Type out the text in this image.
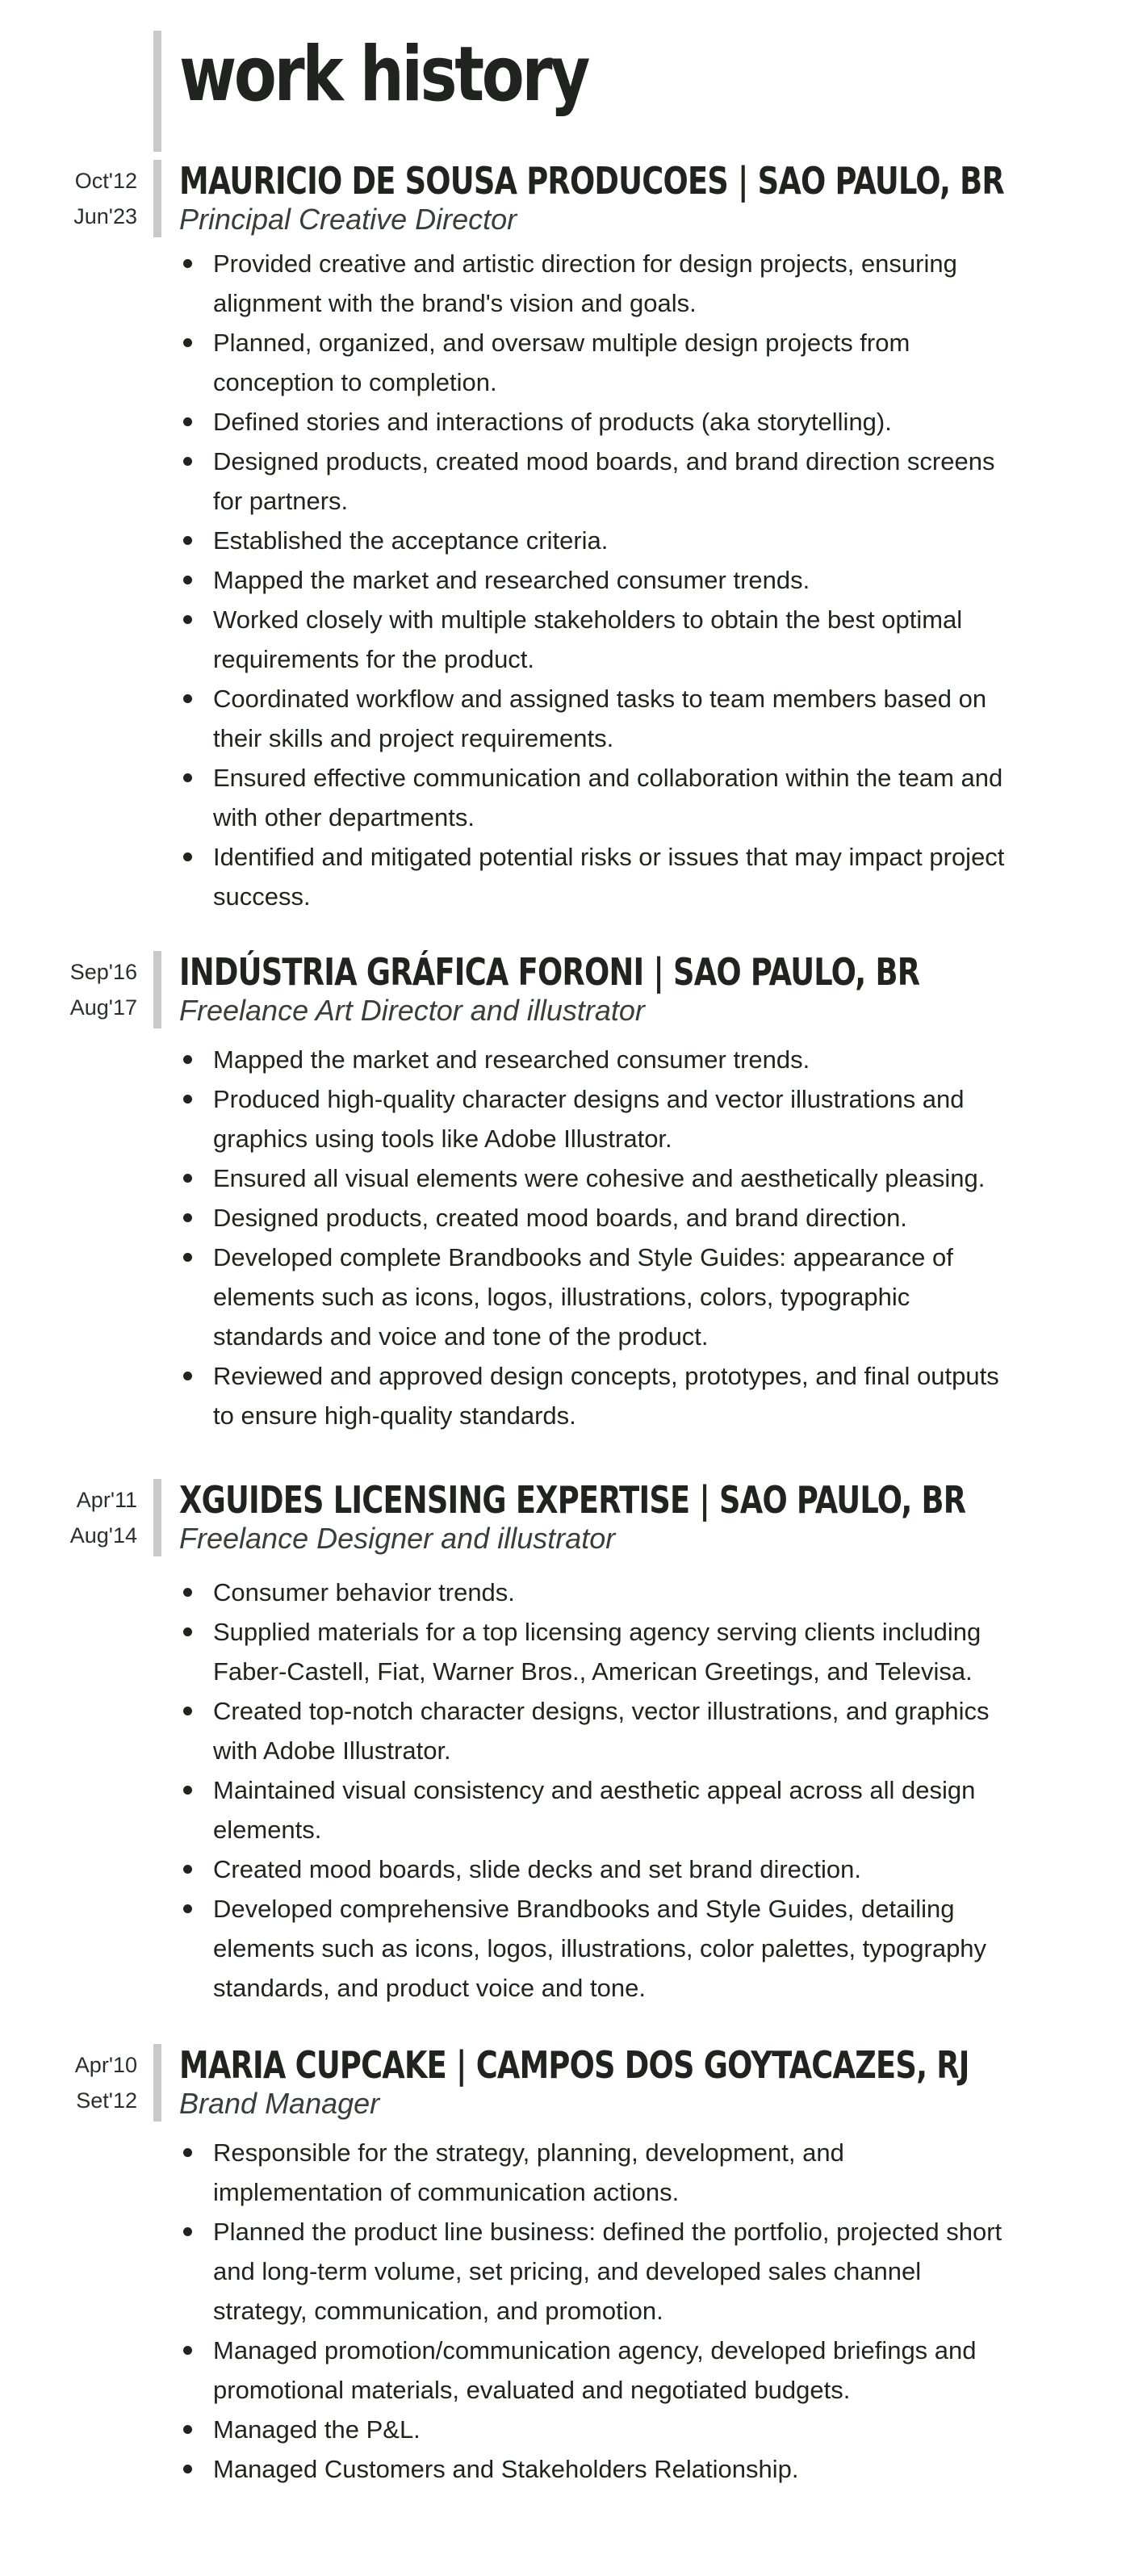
work history
Oct'12
Jun'23
MAURICIO DE SOUSA PRODUCOES | SAO PAULO, BR
Principal Creative Director
Provided creative and artistic direction for design projects, ensuring alignment with the brand's vision and goals.
Planned, organized, and oversaw multiple design projects from conception to completion.
Defined stories and interactions of products (aka storytelling).
Designed products, created mood boards, and brand direction screens for partners.
Established the acceptance criteria.
Mapped the market and researched consumer trends.
Worked closely with multiple stakeholders to obtain the best optimal requirements for the product.
Coordinated workflow and assigned tasks to team members based on their skills and project requirements.
Ensured effective communication and collaboration within the team and with other departments.
Identified and mitigated potential risks or issues that may impact project success.
Sep'16
Aug'17
INDÚSTRIA GRÁFICA FORONI | SAO PAULO, BR
Freelance Art Director and illustrator
Mapped the market and researched consumer trends.
Produced high-quality character designs and vector illustrations and graphics using tools like Adobe Illustrator.
Ensured all visual elements were cohesive and aesthetically pleasing.
Designed products, created mood boards, and brand direction.
Developed complete Brandbooks and Style Guides: appearance of elements such as icons, logos, illustrations, colors, typographic standards and voice and tone of the product.
Reviewed and approved design concepts, prototypes, and final outputs to ensure high-quality standards.
Apr'11
Aug'14
XGUIDES LICENSING EXPERTISE | SAO PAULO, BR
Freelance Designer and illustrator
Consumer behavior trends.
Supplied materials for a top licensing agency serving clients including Faber-Castell, Fiat, Warner Bros., American Greetings, and Televisa.
Created top-notch character designs, vector illustrations, and graphics with Adobe Illustrator.
Maintained visual consistency and aesthetic appeal across all design elements.
Created mood boards, slide decks and set brand direction.
Developed comprehensive Brandbooks and Style Guides, detailing elements such as icons, logos, illustrations, color palettes, typography standards, and product voice and tone.
Apr'10
Set'12
MARIA CUPCAKE | CAMPOS DOS GOYTACAZES, RJ
Brand Manager
Responsible for the strategy, planning, development, and implementation of communication actions.
Planned the product line business: defined the portfolio, projected short and long-term volume, set pricing, and developed sales channel strategy, communication, and promotion.
Managed promotion/communication agency, developed briefings and promotional materials, evaluated and negotiated budgets.
Managed the P&L.
Managed Customers and Stakeholders Relationship.
